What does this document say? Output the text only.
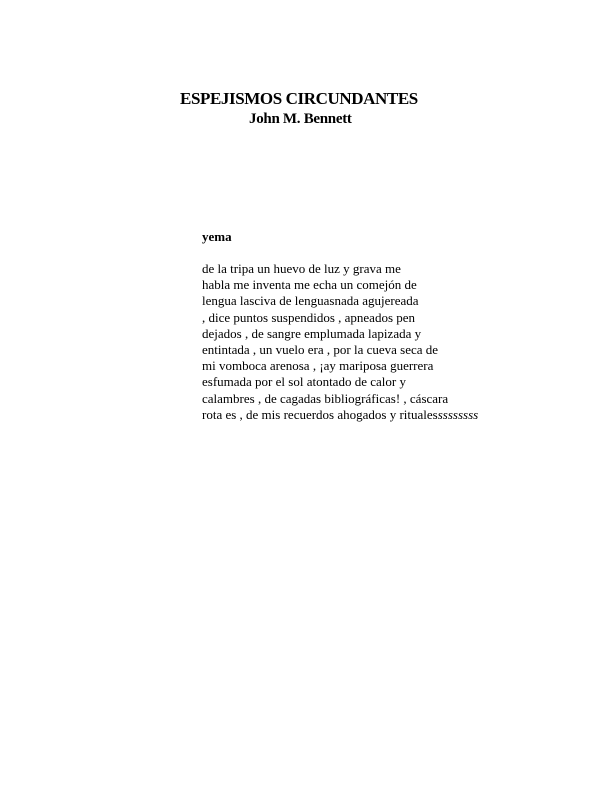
ESPEJISMOS CIRCUNDANTES
John M. Bennett
yema
de la tripa un huevo de luz y grava me
habla me inventa me echa un comejón de
lengua lasciva de lenguasnada agujereada
, dice puntos suspendidos , apneados pen
dejados , de sangre emplumada lapizada y
entintada , un vuelo era , por la cueva seca de
mi vomboca arenosa , ¡ay mariposa guerrera
esfumada por el sol atontado de calor y
calambres , de cagadas bibliográficas! , cáscara
rota es , de mis recuerdos ahogados y ritualesssssssss
